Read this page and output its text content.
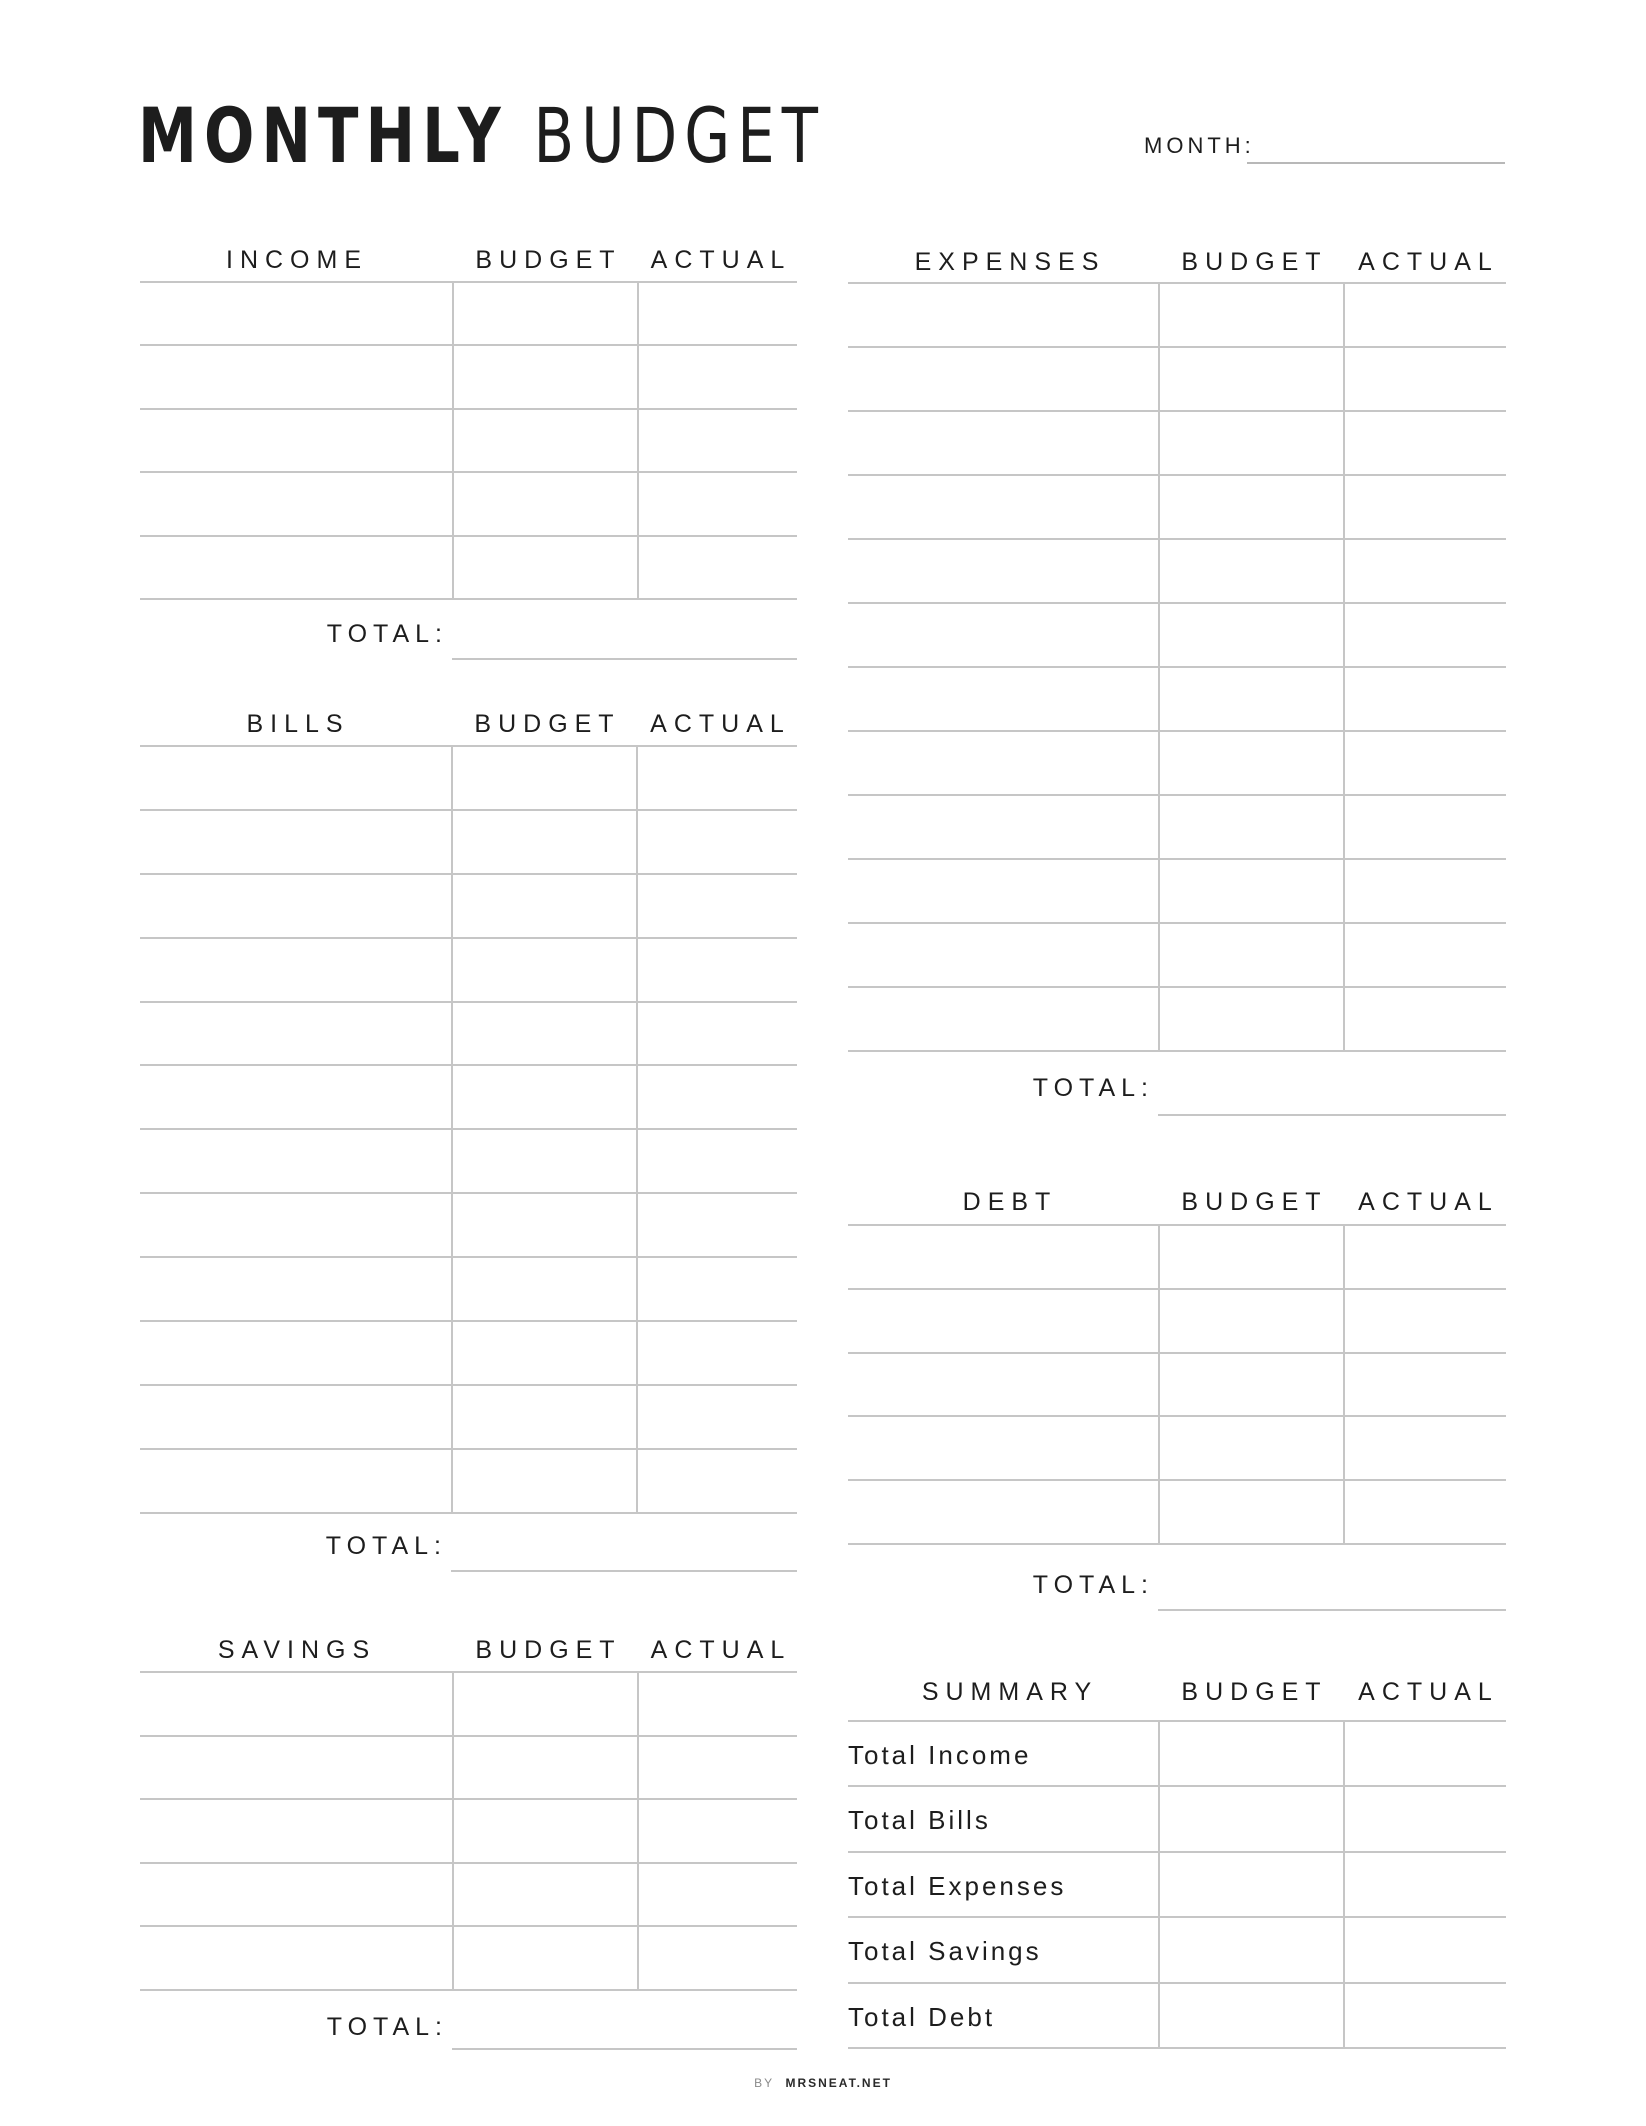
MONTHLY BUDGET	MONTH:
INCOME	BUDGET ACTUAL
TOTAL:
BILLS	BUDGET ACTUAL
TOTAL:
SAVINGS	BUDGET ACTUAL
TOTAL:
EXPENSES	BUDGET ACTUAL
TOTAL:
DEBT	BUDGET ACTUAL
TOTAL:
SUMMARY	BUDGET ACTUAL
Total Income
Total Bills
Total Expenses
Total Savings
Total Debt
BY MRSNEAT.NET
